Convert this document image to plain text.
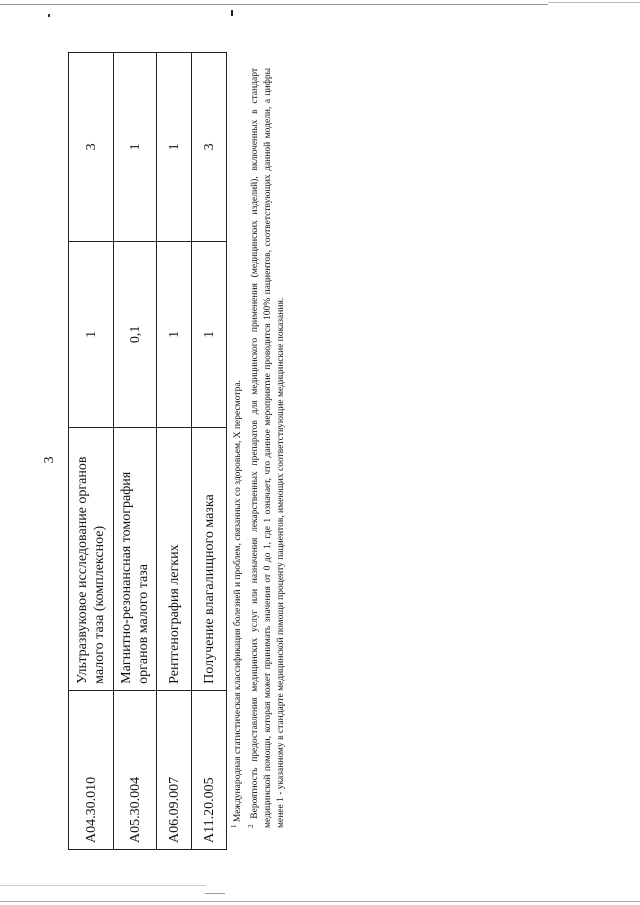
3
A04.30.010	Ультразвуковое исследование органов малого таза (комплексное)	1	3
A05.30.004	Магнитно-резонансная томография органов малого таза	0,1	1
A06.09.007	Рентгенография легких	1	1
A11.20.005	Получение влагалищного мазка	1	3

$^1$ Международная статистическая классификация болезней и проблем, связанных со здоровьем, X пересмотра.

$^2$ Вероятность предоставления медицинских услуг или назначения лекарственных препаратов для медицинского применения (медицинских изделий), включенных в стандарт медицинской помощи, которая может принимать значения от 0 до 1, где 1 означает, что данное мероприятие проводится 100% пациентов, соответствующих данной модели, а цифры менее 1 - указанному в стандарте медицинской помощи проценту пациентов, имеющих соответствующие медицинские показания.
